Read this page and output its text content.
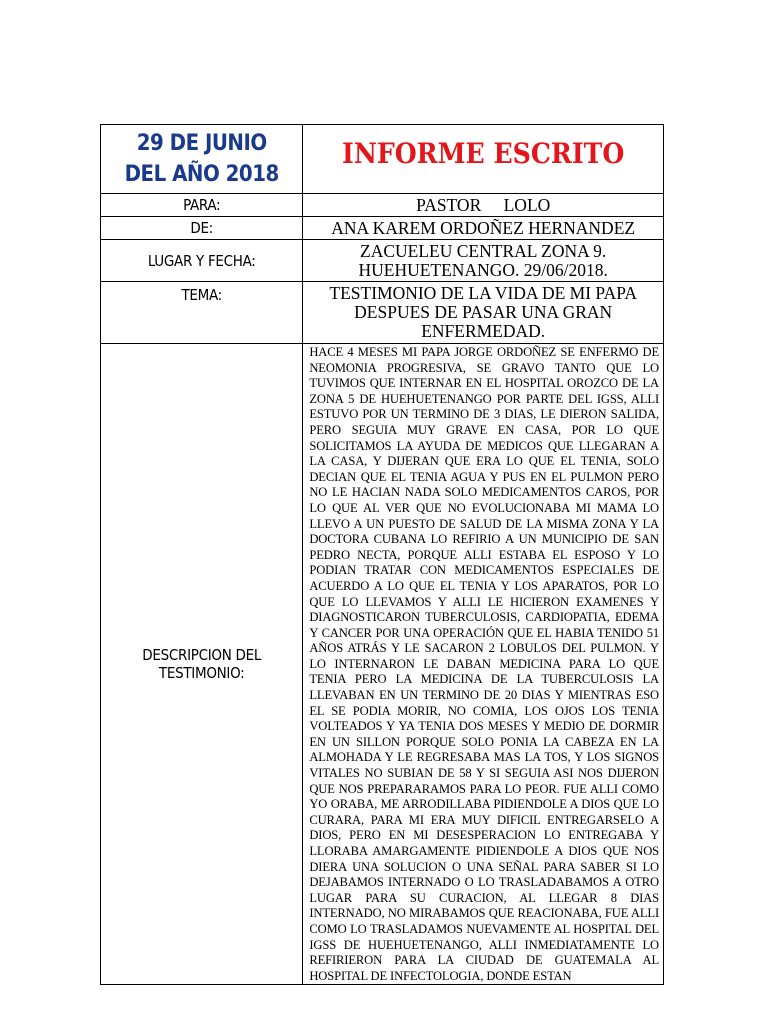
29 DE JUNIO
DEL AÑO 2018	INFORME ESCRITO

PARA:	PASTOR LOLO
DE:	ANA KAREM ORDOÑEZ HERNANDEZ
LUGAR Y FECHA:	ZACUELEU CENTRAL ZONA 9. HUEHUETENANGO. 29/06/2018.
TEMA:	TESTIMONIO DE LA VIDA DE MI PAPA DESPUES DE PASAR UNA GRAN ENFERMEDAD.
DESCRIPCION DEL TESTIMONIO:	HACE 4 MESES MI PAPA JORGE ORDOÑEZ SE ENFERMO DE NEOMONIA PROGRESIVA, SE GRAVO TANTO QUE LO TUVIMOS QUE INTERNAR EN EL HOSPITAL OROZCO DE LA ZONA 5 DE HUEHUETENANGO POR PARTE DEL IGSS, ALLI ESTUVO POR UN TERMINO DE 3 DIAS, LE DIERON SALIDA, PERO SEGUIA MUY GRAVE EN CASA, POR LO QUE SOLICITAMOS LA AYUDA DE MEDICOS QUE LLEGARAN A LA CASA, Y DIJERAN QUE ERA LO QUE EL TENIA, SOLO DECIAN QUE EL TENIA AGUA Y PUS EN EL PULMON PERO NO LE HACIAN NADA SOLO MEDICAMENTOS CAROS, POR LO QUE AL VER QUE NO EVOLUCIONABA MI MAMA LO LLEVO A UN PUESTO DE SALUD DE LA MISMA ZONA Y LA DOCTORA CUBANA LO REFIRIO A UN MUNICIPIO DE SAN PEDRO NECTA, PORQUE ALLI ESTABA EL ESPOSO Y LO PODIAN TRATAR CON MEDICAMENTOS ESPECIALES DE ACUERDO A LO QUE EL TENIA Y LOS APARATOS, POR LO QUE LO LLEVAMOS Y ALLI LE HICIERON EXAMENES Y DIAGNOSTICARON TUBERCULOSIS, CARDIOPATIA, EDEMA Y CANCER POR UNA OPERACIÓN QUE EL HABIA TENIDO 51 AÑOS ATRÁS Y LE SACARON 2 LOBULOS DEL PULMON. Y LO INTERNARON LE DABAN MEDICINA PARA LO QUE TENIA PERO LA MEDICINA DE LA TUBERCULOSIS LA LLEVABAN EN UN TERMINO DE 20 DIAS Y MIENTRAS ESO EL SE PODIA MORIR, NO COMIA, LOS OJOS LOS TENIA VOLTEADOS Y YA TENIA DOS MESES Y MEDIO DE DORMIR EN UN SILLON PORQUE SOLO PONIA LA CABEZA EN LA ALMOHADA Y LE REGRESABA MAS LA TOS, Y LOS SIGNOS VITALES NO SUBIAN DE 58 Y SI SEGUIA ASI NOS DIJERON QUE NOS PREPARARAMOS PARA LO PEOR. FUE ALLI COMO YO ORABA, ME ARRODILLABA PIDIENDOLE A DIOS QUE LO CURARA, PARA MI ERA MUY DIFICIL ENTREGARSELO A DIOS, PERO EN MI DESESPERACION LO ENTREGABA Y LLORABA AMARGAMENTE PIDIENDOLE A DIOS QUE NOS DIERA UNA SOLUCION O UNA SEÑAL PARA SABER SI LO DEJABAMOS INTERNADO O LO TRASLADABAMOS A OTRO LUGAR PARA SU CURACION, AL LLEGAR 8 DIAS INTERNADO, NO MIRABAMOS QUE REACIONABA, FUE ALLI COMO LO TRASLADAMOS NUEVAMENTE AL HOSPITAL DEL IGSS DE HUEHUETENANGO, ALLI INMEDIATAMENTE LO REFIRIERON PARA LA CIUDAD DE GUATEMALA AL HOSPITAL DE INFECTOLOGIA, DONDE ESTAN
